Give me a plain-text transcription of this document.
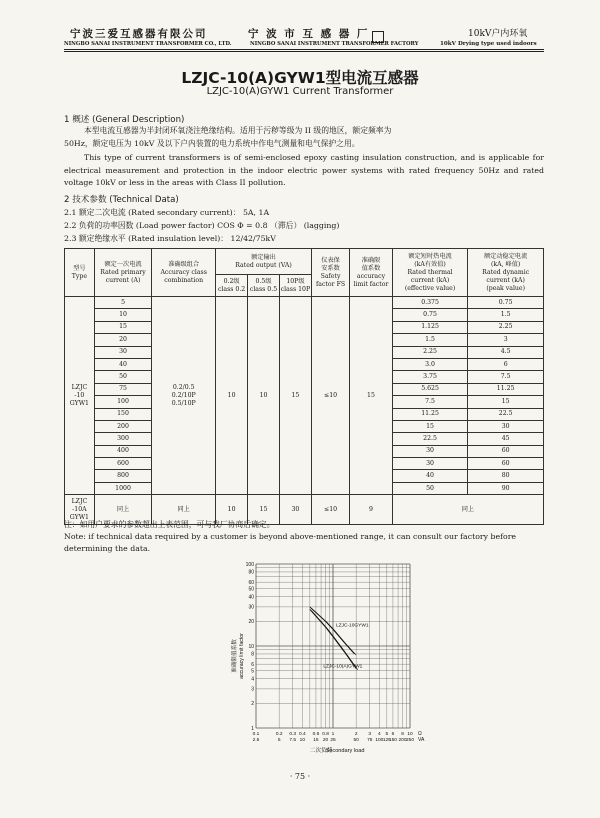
宁波三爱互感器有限公司
NINGBO SANAI INSTRUMENT TRANSFORMER CO., LTD.
宁 波 市 互 感 器 厂
NINGBO SANAI INSTRUMENT TRANSFORMER FACTORY
10kV户内环氧
10kV Drying type used indoors
LZJC-10(A)GYW1型电流互感器
LZJC-10(A)GYW1 Current Transformer
1 概述 (General Description)
本型电流互感器为半封闭环氧浇注绝缘结构。适用于污秽等级为 II 级的地区，额定频率为
50Hz，额定电压为 10kV 及以下户内装置的电力系统中作电气测量和电气保护之用。
This type of current transformers is of semi-enclosed epoxy casting insulation construction, and is applicable for electrical measurement and protection in the indoor electric power systems with rated frequency 50Hz and rated voltage 10kV or less in the areas with Class II pollution.
2 技术参数 (Technical Data)
2.1 额定二次电流 (Rated secondary current)： 5A, 1A
2.2 负荷的功率因数 (Load power factor) COS Φ = 0.8 （滞后） (lagging)
2.3 额定绝缘水平 (Rated insulation level)： 12/42/75kV
型号
Type	额定一次电流
Rated primary
current (A)	准确级组合
Accuracy class
combination	额定输出
Rated output (VA)			仪表保
安系数
Safety
factor FS	准确限
值系数
accuracy
limit factor	额定短时热电流
(kA有效值)
Rated thermal
current (kA)
(effective value)	额定动稳定电流
(kA, 峰值)
Rated dynamic
current (kA)
(peak value)
			0.2级
class 0.2	0.5级
class 0.5	10P级
class 10P				
LZJC
-10
GYW1	5	0.2/0.5
0.2/10P
0.5/10P	10	10	15	≤10	15	0.375	0.75
	10							0.75	1.5
	15							1.125	2.25
	20							1.5	3
	30							2.25	4.5
	40							3.0	6
	50							3.75	7.5
	75							5.625	11.25
	100							7.5	15
	150							11.25	22.5
	200							15	30
	300							22.5	45
	400							30	60
	600							30	60
	800							40	80
	1000							50	90
LZJC
-10A
GYW1	同上	同上	10	15	30	≤10	9	同上	
注：如用户要求的参数超出上表范围，可与我厂协商后确定。
Note: if technical data required by a customer is beyond above-mentioned range, it can consult our factory before determining the data.
100
80
60
50
40
30
20
10
8
6
5
4
3
2
1
0.1
2.5
0.2
5
0.3
7.5
0.4
10
0.6
15
0.8
20
1
25
2
50
3
75
4
100
5
125
6
150
8
200
10
250
Ω
VA
二次负荷
Secondary load
准确限值系数 accuracy limit factor
LZJC-10GYW1
LZJC-10(A)GYW1
· 75 ·
